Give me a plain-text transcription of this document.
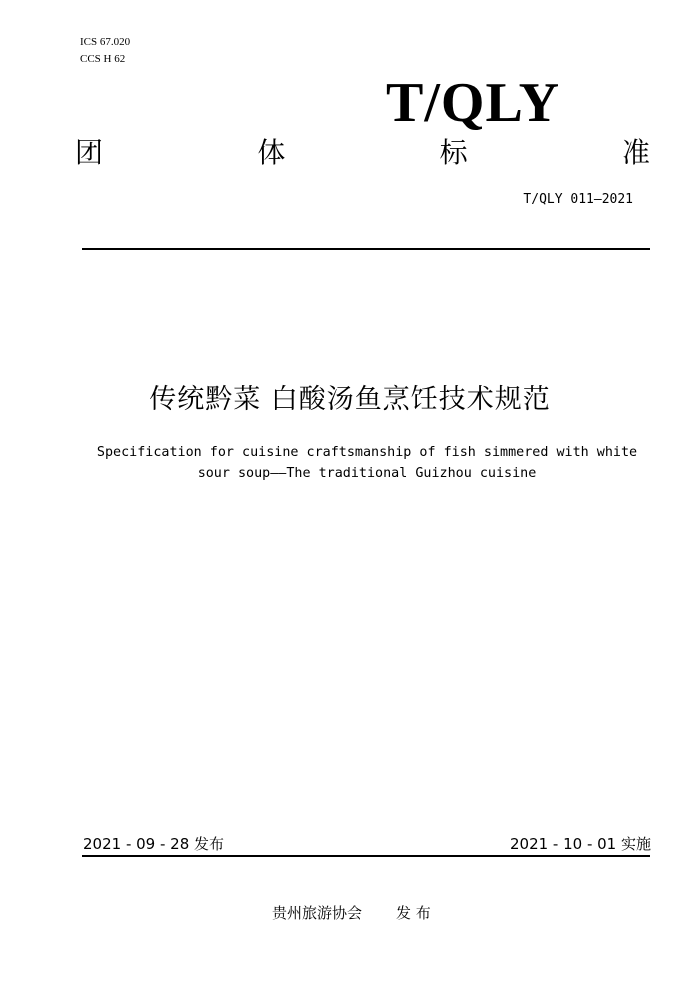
ICS 67.020
CCS H 62
T/QLY
团	体	标	准
T/QLY 011—2021
传统黔菜 白酸汤鱼烹饪技术规范
Specification for cuisine craftsmanship of fish simmered with white sour soup——The traditional Guizhou cuisine
2021 - 09 - 28 发布	2021 - 10 - 01 实施
贵州旅游协会 发 布
